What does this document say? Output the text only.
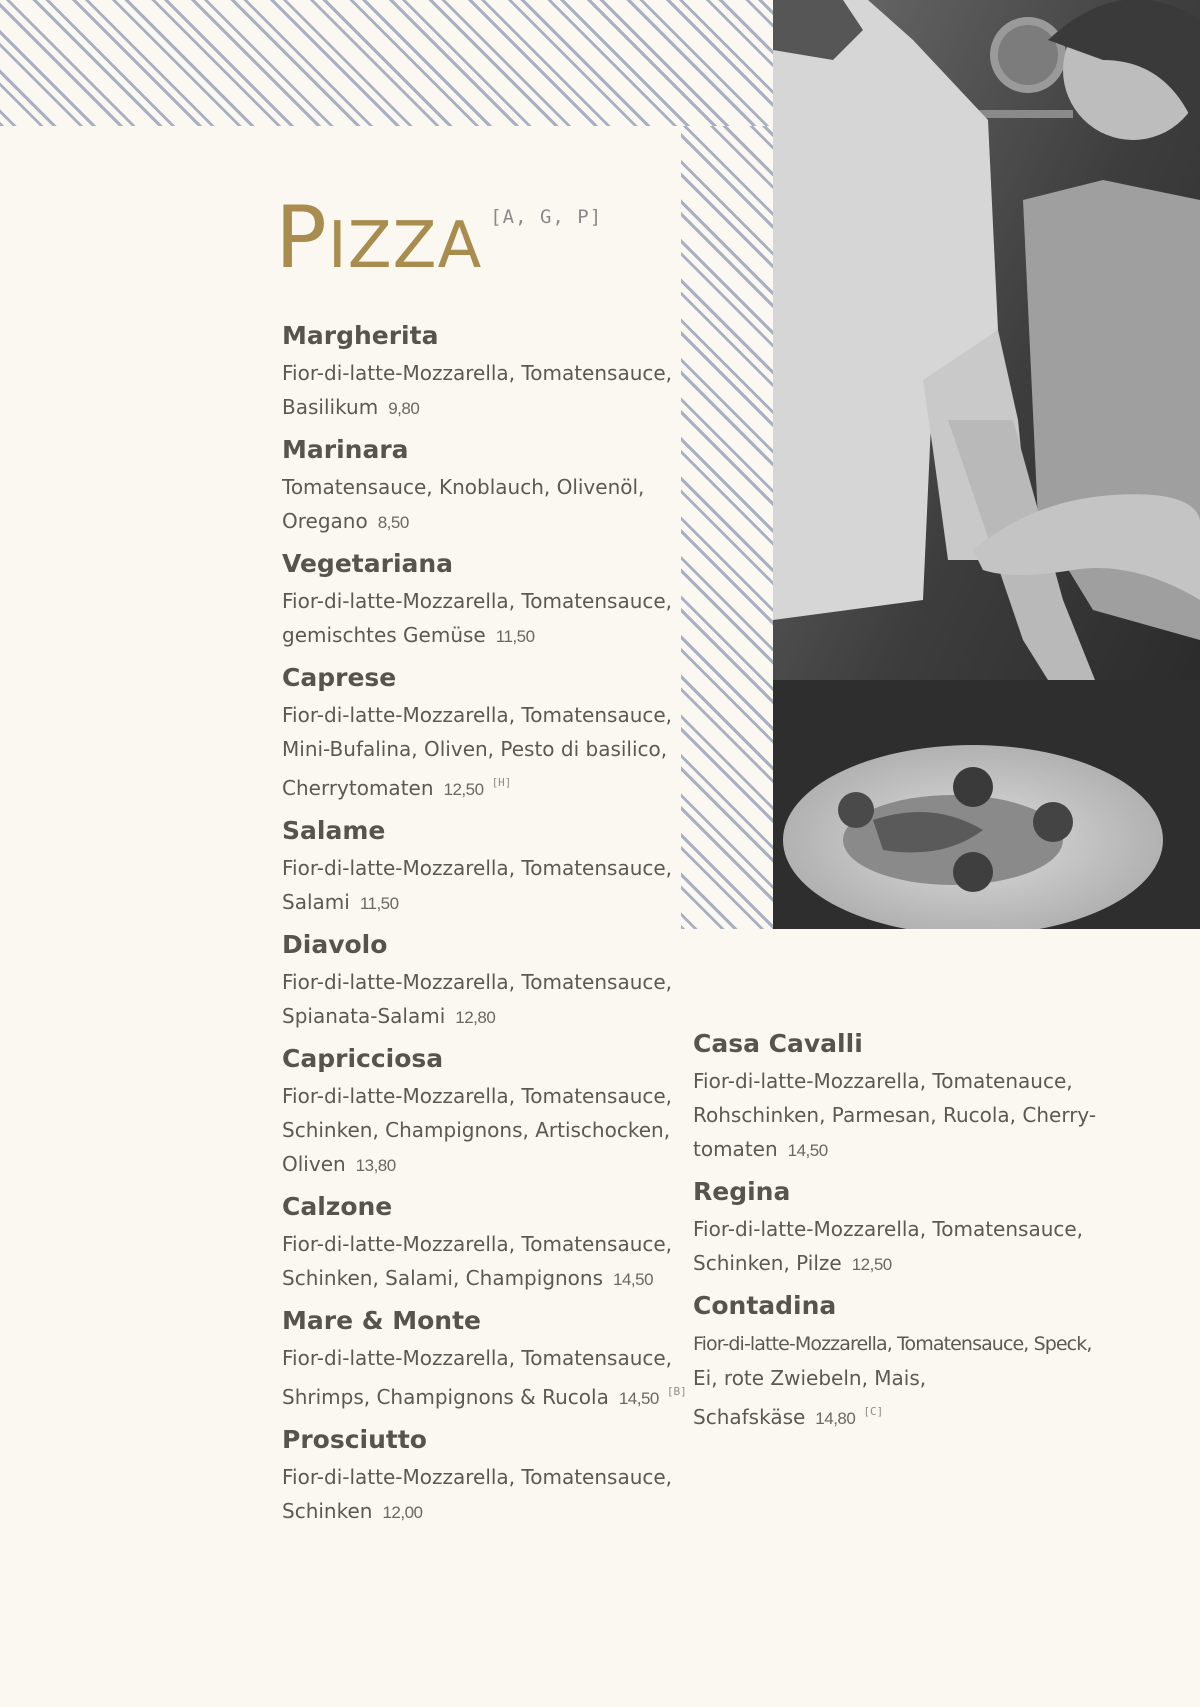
PIZZA [A, G, P]
Margherita
Fior-di-latte-Mozzarella, Tomatensauce,
Basilikum 9,80
Marinara
Tomatensauce, Knoblauch, Olivenöl,
Oregano 8,50
Vegetariana
Fior-di-latte-Mozzarella, Tomatensauce,
gemischtes Gemüse 11,50
Caprese
Fior-di-latte-Mozzarella, Tomatensauce,
Mini-Bufalina, Oliven, Pesto di basilico,
Cherrytomaten 12,50 [H]
Salame
Fior-di-latte-Mozzarella, Tomatensauce,
Salami 11,50
Diavolo
Fior-di-latte-Mozzarella, Tomatensauce,
Spianata-Salami 12,80
Capricciosa
Fior-di-latte-Mozzarella, Tomatensauce,
Schinken, Champignons, Artischocken,
Oliven 13,80
Calzone
Fior-di-latte-Mozzarella, Tomatensauce,
Schinken, Salami, Champignons 14,50
Mare & Monte
Fior-di-latte-Mozzarella, Tomatensauce,
Shrimps, Champignons & Rucola 14,50 [B]
Prosciutto
Fior-di-latte-Mozzarella, Tomatensauce,
Schinken 12,00
Casa Cavalli
Fior-di-latte-Mozzarella, Tomatenauce,
Rohschinken, Parmesan, Rucola, Cherry-
tomaten 14,50
Regina
Fior-di-latte-Mozzarella, Tomatensauce,
Schinken, Pilze 12,50
Contadina
Fior-di-latte-Mozzarella, Tomatensauce, Speck,
Ei, rote Zwiebeln, Mais, Schafskäse 14,80 [C]
